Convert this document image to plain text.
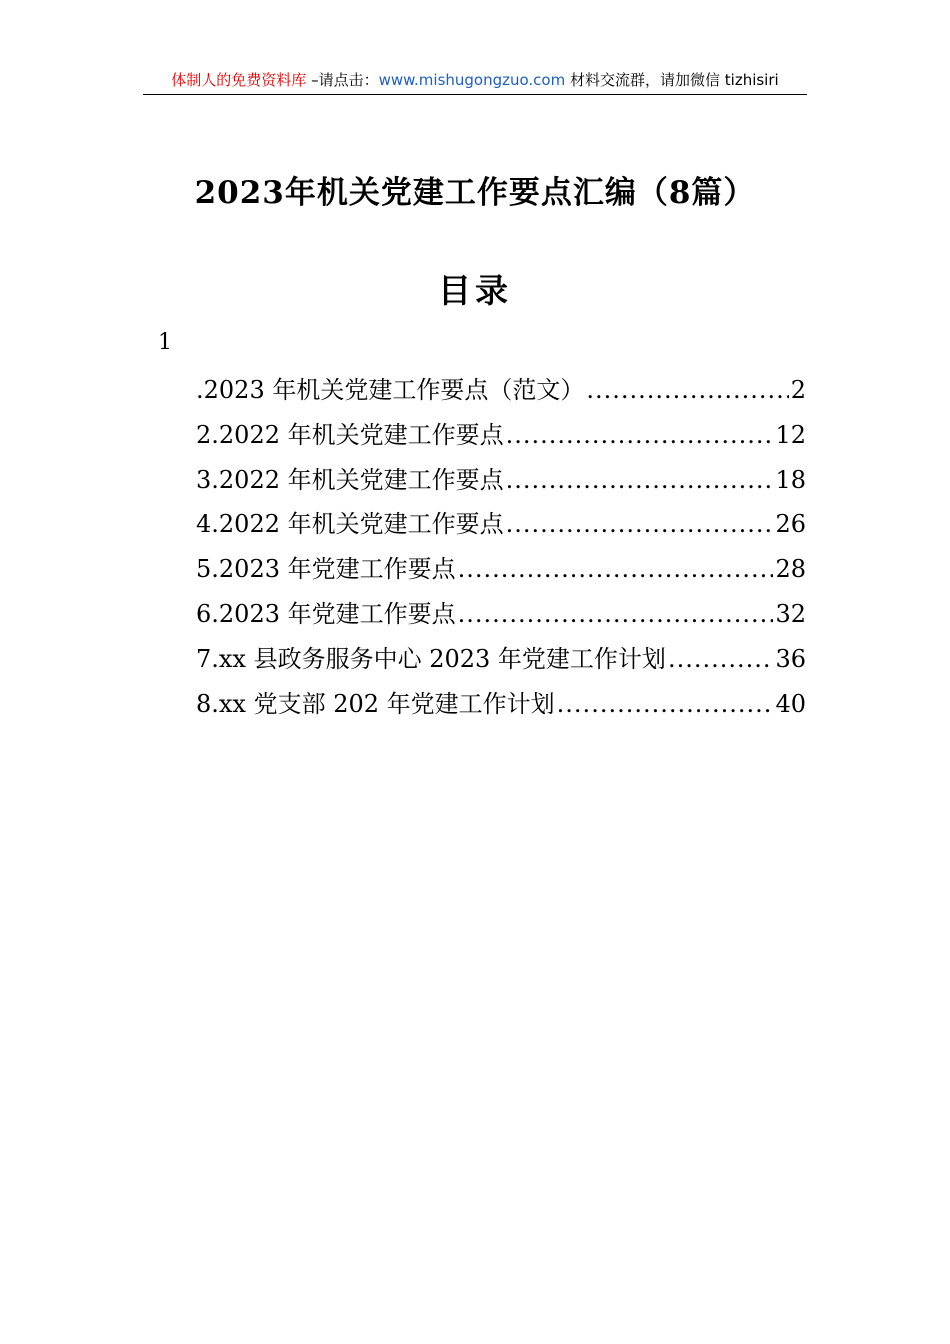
体制人的免费资料库 –请点击：www.mishugongzuo.com 材料交流群，请加微信 tizhisiri
2023年机关党建工作要点汇编（8篇）
目录
1
.2023 年机关党建工作要点（范文） .....	2
2.2022 年机关党建工作要点 .....	12
3.2022 年机关党建工作要点 .....	18
4.2022 年机关党建工作要点 .....	26
5.2023 年党建工作要点 .....	28
6.2023 年党建工作要点 .....	32
7.xx 县政务服务中心 2023 年党建工作计划 .....	36
8.xx 党支部 202 年党建工作计划 .....	40
